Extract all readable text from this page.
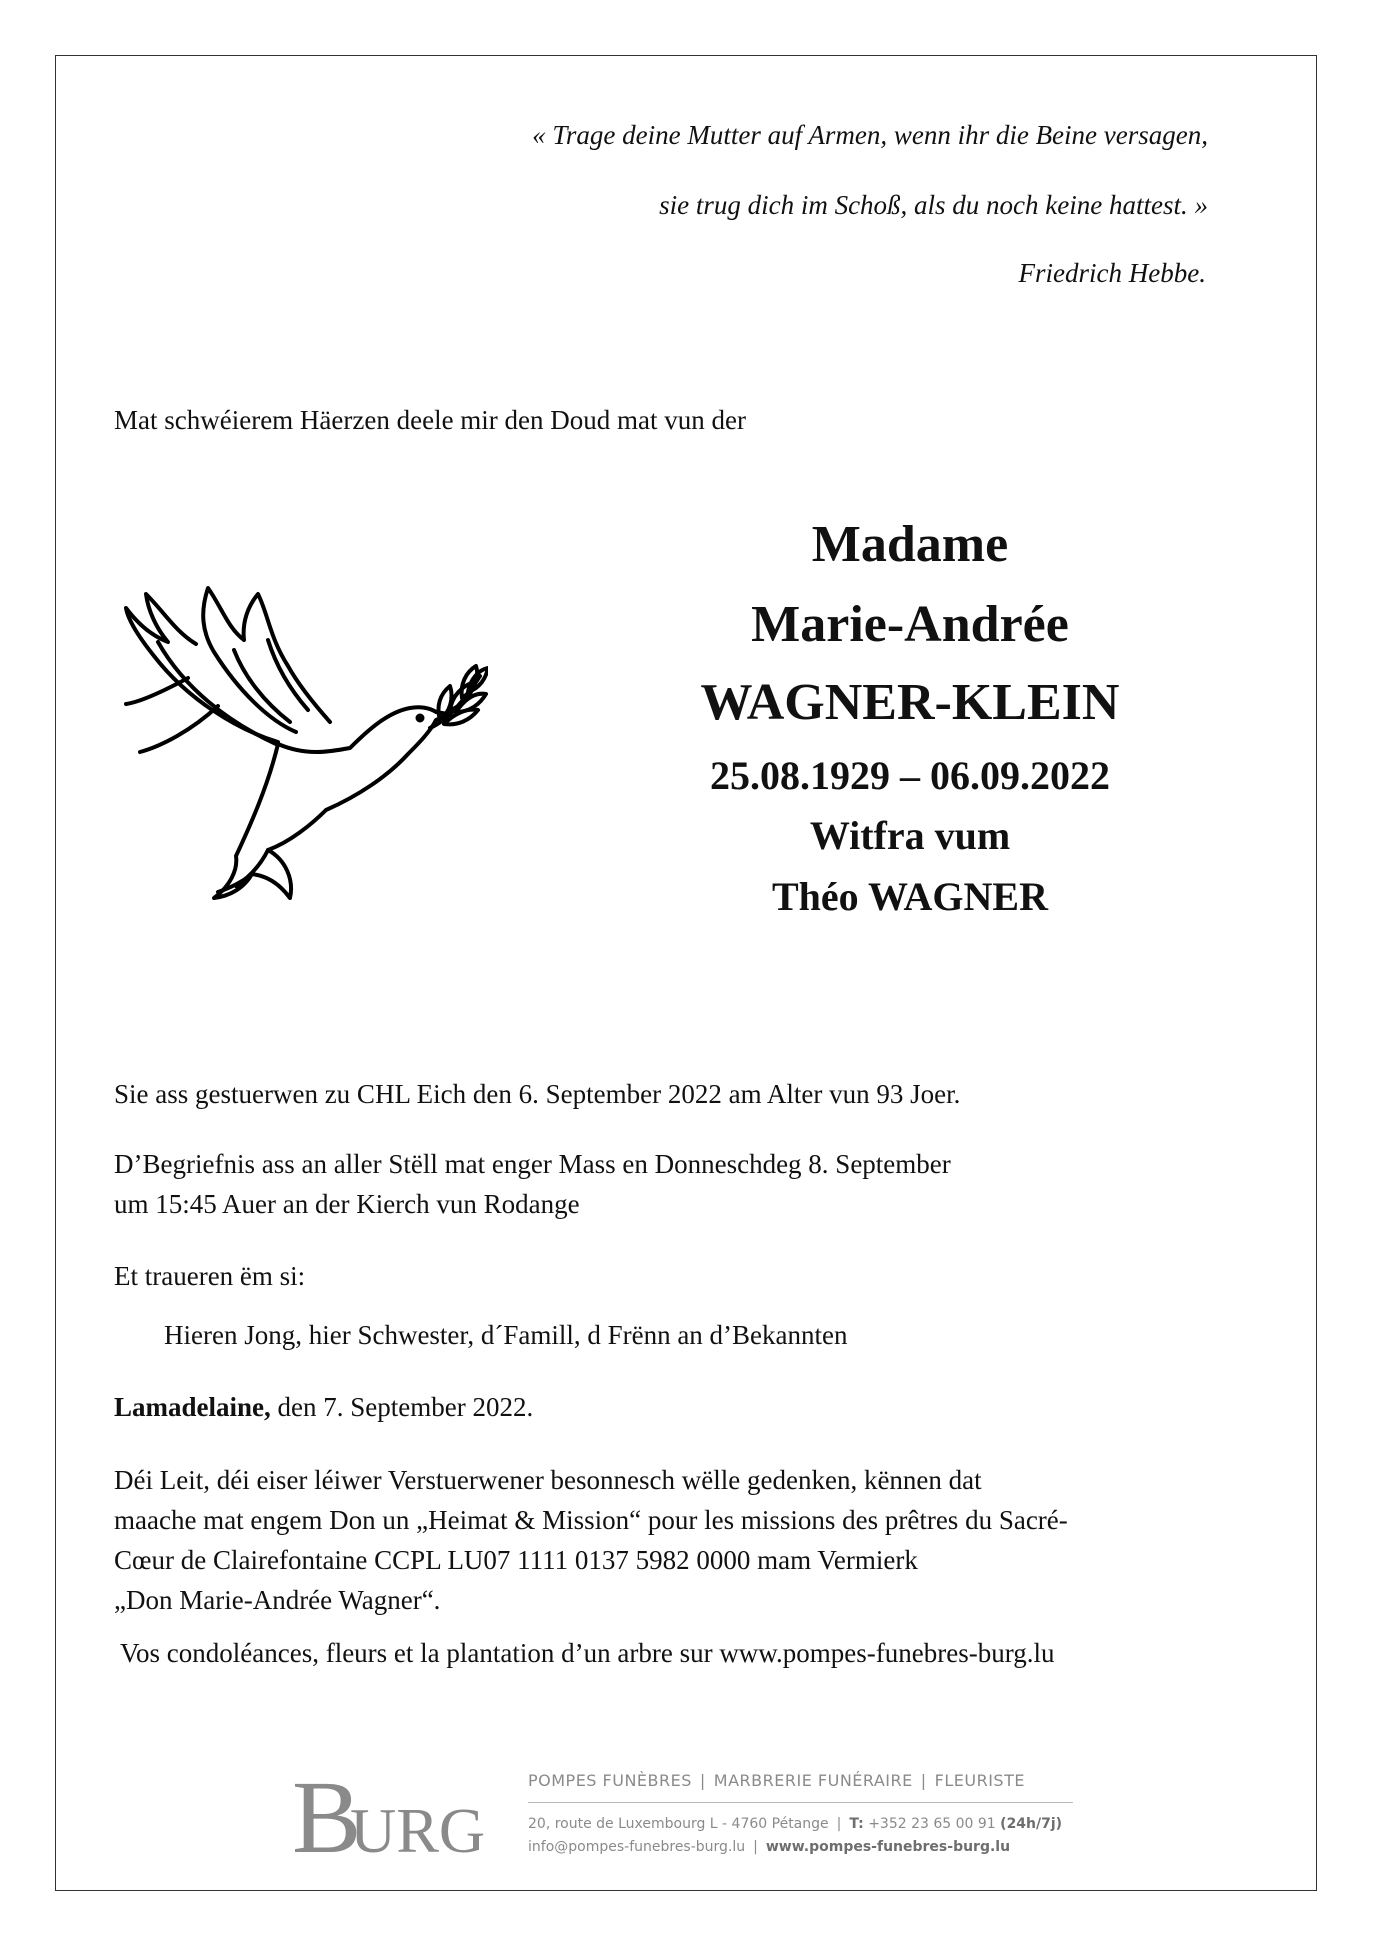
« Trage deine Mutter auf Armen, wenn ihr die Beine versagen,
sie trug dich im Schoß, als du noch keine hattest. »
Friedrich Hebbe.
Mat schwéierem Häerzen deele mir den Doud mat vun der
Madame
Marie-Andrée
WAGNER-KLEIN
25.08.1929 – 06.09.2022
Witfra vum
Théo WAGNER
Sie ass gestuerwen zu CHL Eich den 6. September 2022 am Alter vun 93 Joer.
D’Begriefnis ass an aller Stëll mat enger Mass en Donneschdeg 8. September
um 15:45 Auer an der Kierch vun Rodange
Et traueren ëm si:
Hieren Jong, hier Schwester, d´Famill, d Frënn an d’Bekannten
Lamadelaine, den 7. September 2022.
Déi Leit, déi eiser léiwer Verstuerwener besonnesch wëlle gedenken, kënnen dat
maache mat engem Don un „Heimat & Mission“ pour les missions des prêtres du Sacré-
Cœur de Clairefontaine CCPL LU07 1111 0137 5982 0000 mam Vermierk
„Don Marie-Andrée Wagner“.
Vos condoléances, fleurs et la plantation d’un arbre sur www.pompes-funebres-burg.lu
B
URG
POMPES FUNÈBRES | MARBRERIE FUNÉRAIRE | FLEURISTE
20, route de Luxembourg L - 4760 Pétange | T: +352 23 65 00 91 (24h/7j)
info@pompes-funebres-burg.lu | www.pompes-funebres-burg.lu
